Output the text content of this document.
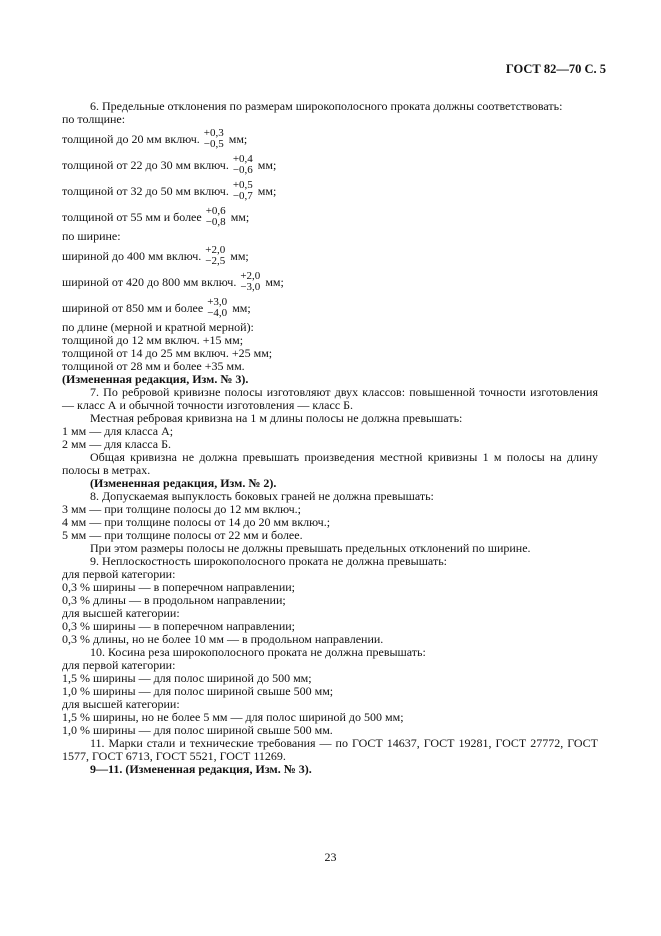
ГОСТ 82—70 С. 5

6. Предельные отклонения по размерам широкополосного проката должны соответствовать:

по толщине:

толщиной до 20 мм включ. +0,3
−0,5 мм;
толщиной от 22 до 30 мм включ. +0,4
−0,6 мм;
толщиной от 32 до 50 мм включ. +0,5
−0,7 мм;
толщиной от 55 мм и более +0,6
−0,8 мм;

по ширине:

шириной до 400 мм включ. +2,0
−2,5 мм;
шириной от 420 до 800 мм включ. +2,0
−3,0 мм;
шириной от 850 мм и более +3,0
−4,0 мм;

по длине (мерной и кратной мерной):

толщиной до 12 мм включ. +15 мм;

толщиной от 14 до 25 мм включ. +25 мм;

толщиной от 28 мм и более +35 мм.

(Измененная редакция, Изм. № 3).

7. По ребровой кривизне полосы изготовляют двух классов: повышенной точности изготовления — класс А и обычной точности изготовления — класс Б.

Местная ребровая кривизна на 1 м длины полосы не должна превышать:

1 мм — для класса А;

2 мм — для класса Б.

Общая кривизна не должна превышать произведения местной кривизны 1 м полосы на длину полосы в метрах.

(Измененная редакция, Изм. № 2).

8. Допускаемая выпуклость боковых граней не должна превышать:

3 мм — при толщине полосы до 12 мм включ.;

4 мм — при толщине полосы от 14 до 20 мм включ.;

5 мм — при толщине полосы от 22 мм и более.

При этом размеры полосы не должны превышать предельных отклонений по ширине.

9. Неплоскостность широкополосного проката не должна превышать:

для первой категории:

0,3 % ширины — в поперечном направлении;

0,3 % длины — в продольном направлении;

для высшей категории:

0,3 % ширины — в поперечном направлении;

0,3 % длины, но не более 10 мм — в продольном направлении.

10. Косина реза широкополосного проката не должна превышать:

для первой категории:

1,5 % ширины — для полос шириной до 500 мм;

1,0 % ширины — для полос шириной свыше 500 мм;

для высшей категории:

1,5 % ширины, но не более 5 мм — для полос шириной до 500 мм;

1,0 % ширины — для полос шириной свыше 500 мм.

11. Марки стали и технические требования — по ГОСТ 14637, ГОСТ 19281, ГОСТ 27772, ГОСТ 1577, ГОСТ 6713, ГОСТ 5521, ГОСТ 11269.

9—11. (Измененная редакция, Изм. № 3).

23
